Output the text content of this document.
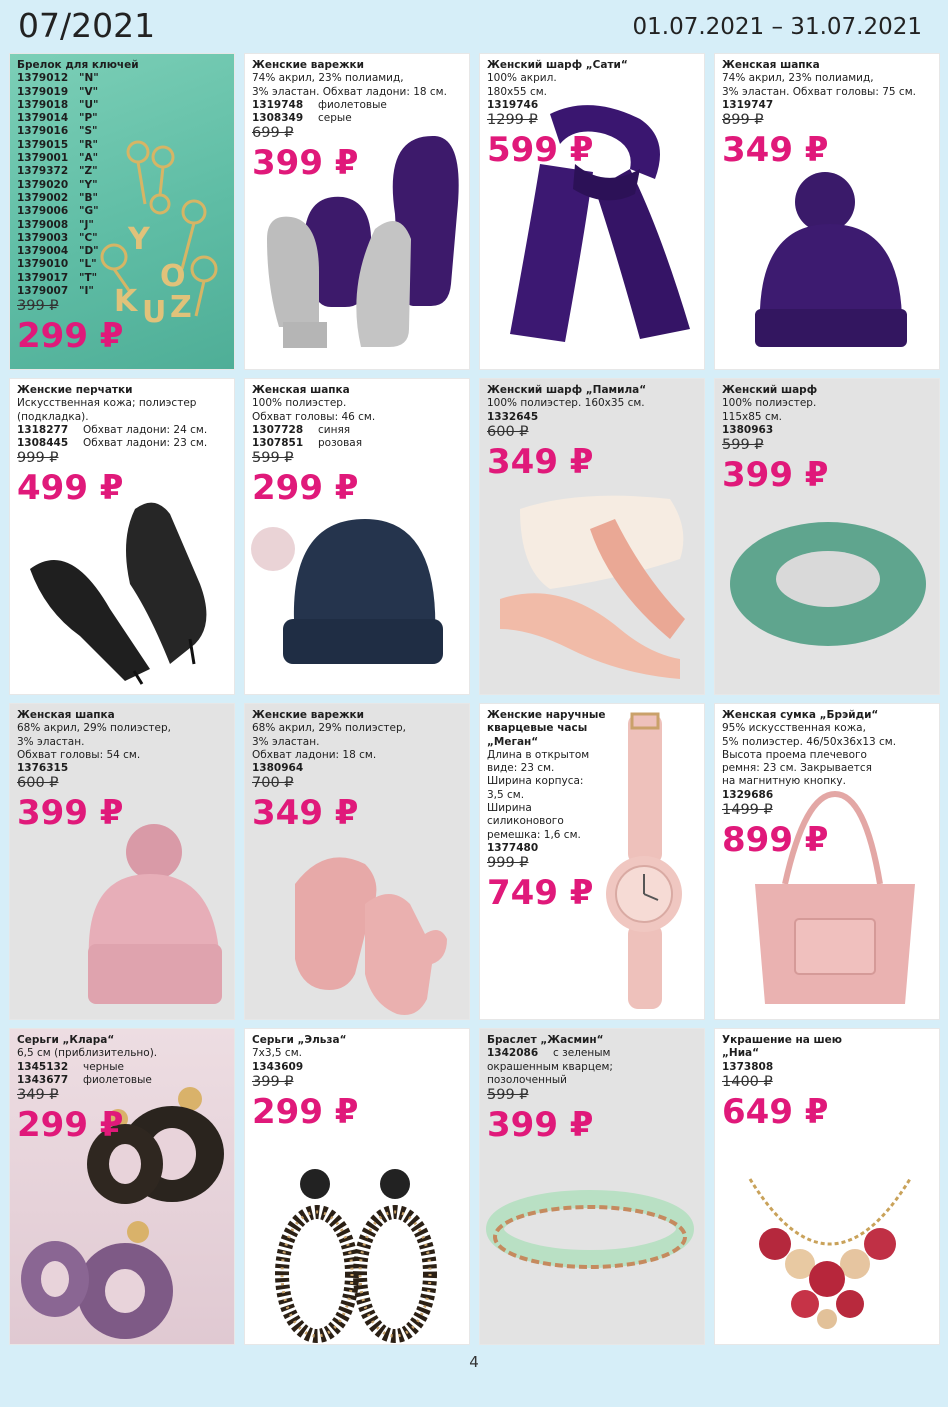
07/2021	01.07.2021 – 31.07.2021
Y
O
Z
K U
Брелок для ключей
1379012	"N"
1379019	"V"
1379018	"U"
1379014	"P"
1379016	"S"
1379015	"R"
1379001	"A"
1379372	"Z"
1379020	"Y"
1379002	"B"
1379006	"G"
1379008	"J"
1379003	"C"
1379004	"D"
1379010	"L"
1379017	"T"
1379007	"I"
399 ₽
299 ₽
Женские варежки
74% акрил, 23% полиамид,
3% эластан. Обхват ладони: 18 см.
1319748	фиолетовые
1308349	серые
699 ₽
399 ₽
Женский шарф „Сати“
100% акрил.
180x55 см.
1319746
1299 ₽
599 ₽
Женская шапка
74% акрил, 23% полиамид,
3% эластан. Обхват головы: 75 см.
1319747
899 ₽
349 ₽
Женские перчатки
Искусственная кожа; полиэстер
(подкладка).
1318277	Обхват ладони: 24 см.
1308445	Обхват ладони: 23 см.
999 ₽
499 ₽
Женская шапка
100% полиэстер.
Обхват головы: 46 см.
1307728	синяя
1307851	розовая
599 ₽
299 ₽
Женский шарф „Памила“
100% полиэстер. 160x35 см.
1332645
600 ₽
349 ₽
Женский шарф
100% полиэстер.
115x85 см.
1380963
599 ₽
399 ₽
Женская шапка
68% акрил, 29% полиэстер,
3% эластан.
Обхват головы: 54 см.
1376315
600 ₽
399 ₽
Женские варежки
68% акрил, 29% полиэстер,
3% эластан.
Обхват ладони: 18 см.
1380964
700 ₽
349 ₽
Женские наручные
кварцевые часы
„Меган“
Длина в открытом
виде: 23 см.
Ширина корпуса:
3,5 см.
Ширина
силиконового
ремешка: 1,6 см.
1377480
999 ₽
749 ₽
Женская сумка „Брэйди“
95% искусственная кожа,
5% полиэстер. 46/50x36x13 см.
Высота проема плечевого
ремня: 23 см. Закрывается
на магнитную кнопку.
1329686
1499 ₽
899 ₽
Серьги „Клара“
6,5 см (приблизительно).
1345132	черные
1343677	фиолетовые
349 ₽
299 ₽
Серьги „Эльза“
7x3,5 см.
1343609
399 ₽
299 ₽
Браслет „Жасмин“
1342086	с зеленым
окрашенным кварцем;
позолоченный
599 ₽
399 ₽
Украшение на шею
„Ниа“
1373808
1400 ₽
649 ₽
4
